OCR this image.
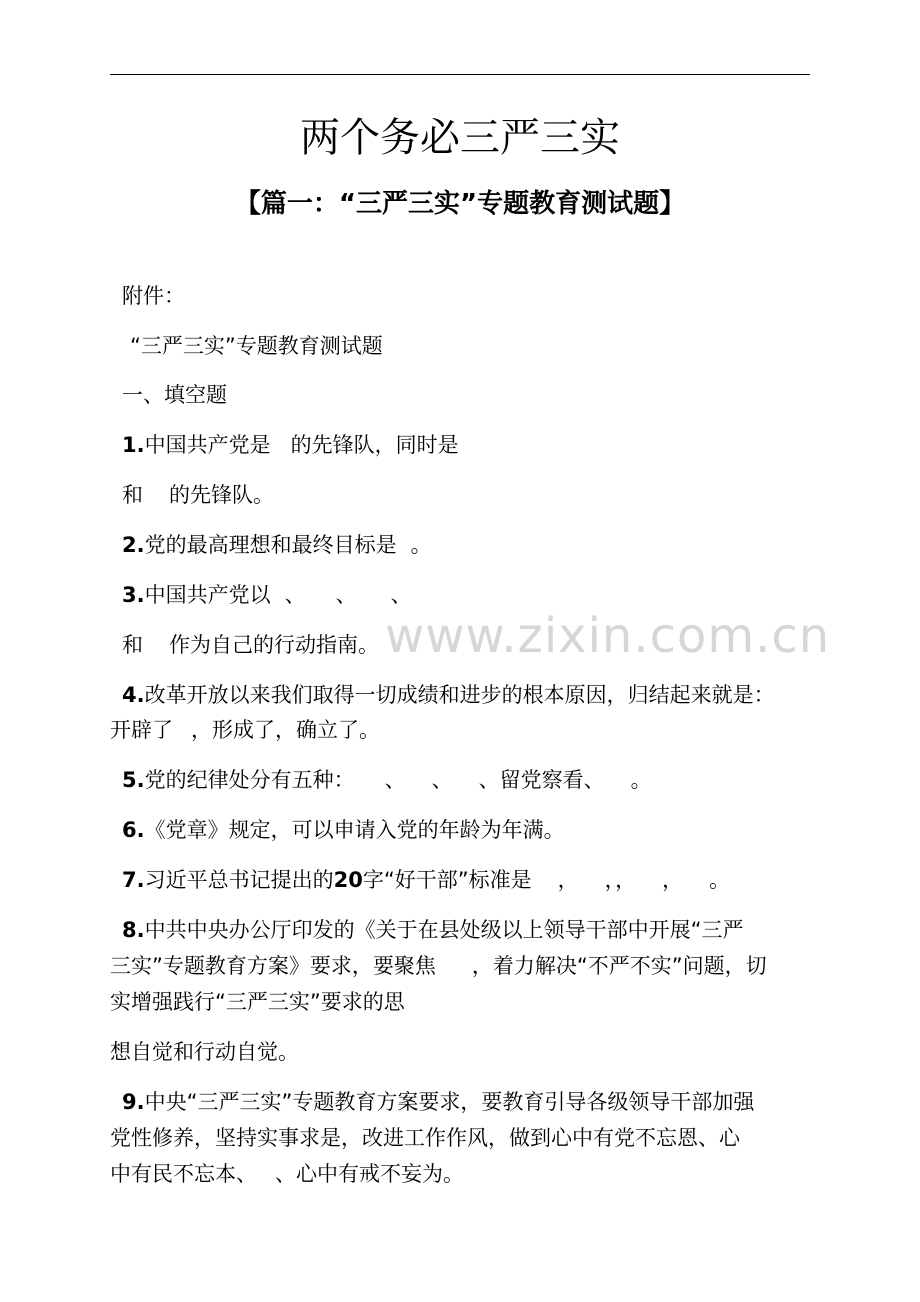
两个务必三严三实
【篇一：“三严三实”专题教育测试题】
www.zixin.com.cn
附件：
“三严三实”专题教育测试题
一、填空题
1.中国共产党是 的先锋队，同时是
和 的先锋队。
2.党的最高理想和最终目标是 。
3.中国共产党以 、 、 、
和 作为自己的行动指南。
4.改革开放以来我们取得一切成绩和进步的根本原因，归结起来就是：
开辟了 ，形成了，确立了。
5.党的纪律处分有五种： 、 、 、留党察看、 。
6.《党章》规定，可以申请入党的年龄为年满。
7.习近平总书记提出的20字“好干部”标准是 ， ，， ， 。
8.中共中央办公厅印发的《关于在县处级以上领导干部中开展“三严
三实”专题教育方案》要求，要聚焦 ，着力解决“不严不实”问题，切
实增强践行“三严三实”要求的思
想自觉和行动自觉。
9.中央“三严三实”专题教育方案要求，要教育引导各级领导干部加强
党性修养，坚持实事求是，改进工作作风，做到心中有党不忘恩、心
中有民不忘本、 、心中有戒不妄为。
